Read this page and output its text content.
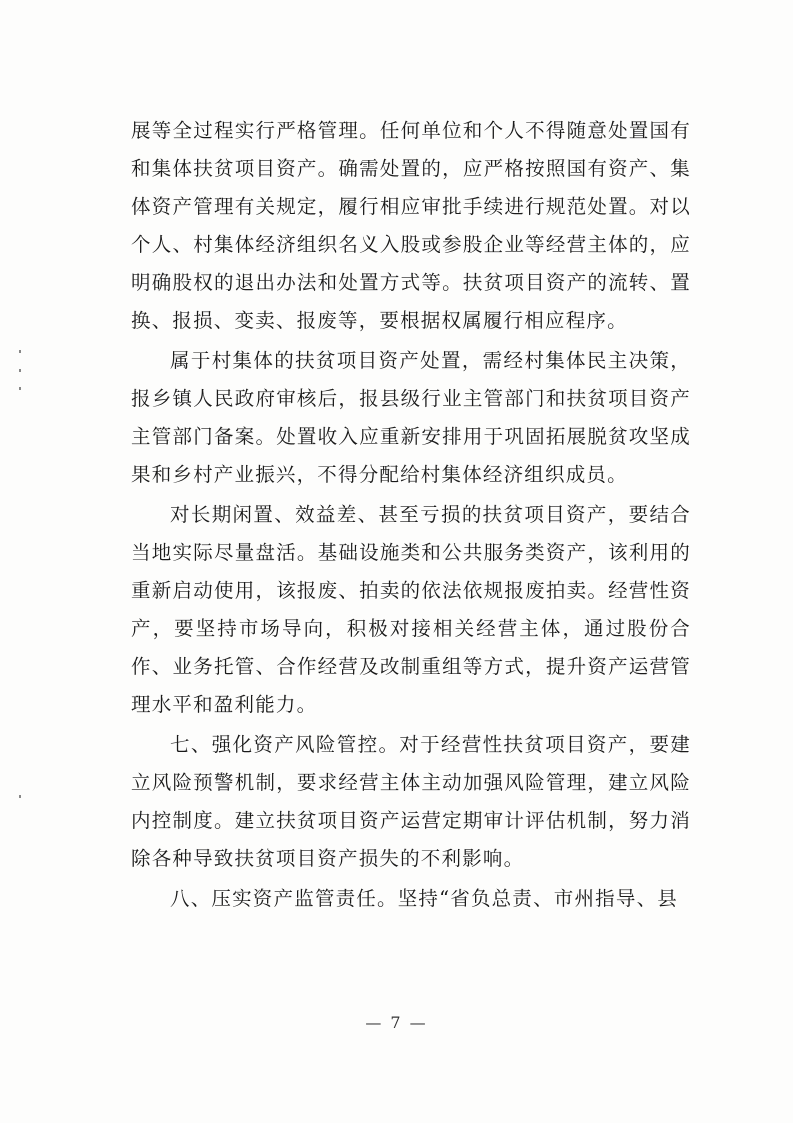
展等全过程实行严格管理。任何单位和个人不得随意处置国有和集体扶贫项目资产。确需处置的，应严格按照国有资产、集体资产管理有关规定，履行相应审批手续进行规范处置。对以个人、村集体经济组织名义入股或参股企业等经营主体的，应明确股权的退出办法和处置方式等。扶贫项目资产的流转、置换、报损、变卖、报废等，要根据权属履行相应程序。

属于村集体的扶贫项目资产处置，需经村集体民主决策，报乡镇人民政府审核后，报县级行业主管部门和扶贫项目资产主管部门备案。处置收入应重新安排用于巩固拓展脱贫攻坚成果和乡村产业振兴，不得分配给村集体经济组织成员。

对长期闲置、效益差、甚至亏损的扶贫项目资产，要结合当地实际尽量盘活。基础设施类和公共服务类资产，该利用的重新启动使用，该报废、拍卖的依法依规报废拍卖。经营性资产，要坚持市场导向，积极对接相关经营主体，通过股份合作、业务托管、合作经营及改制重组等方式，提升资产运营管理水平和盈利能力。

七、强化资产风险管控。对于经营性扶贫项目资产，要建立风险预警机制，要求经营主体主动加强风险管理，建立风险内控制度。建立扶贫项目资产运营定期审计评估机制，努力消除各种导致扶贫项目资产损失的不利影响。

八、压实资产监管责任。坚持“省负总责、市州指导、县

— 7 —
